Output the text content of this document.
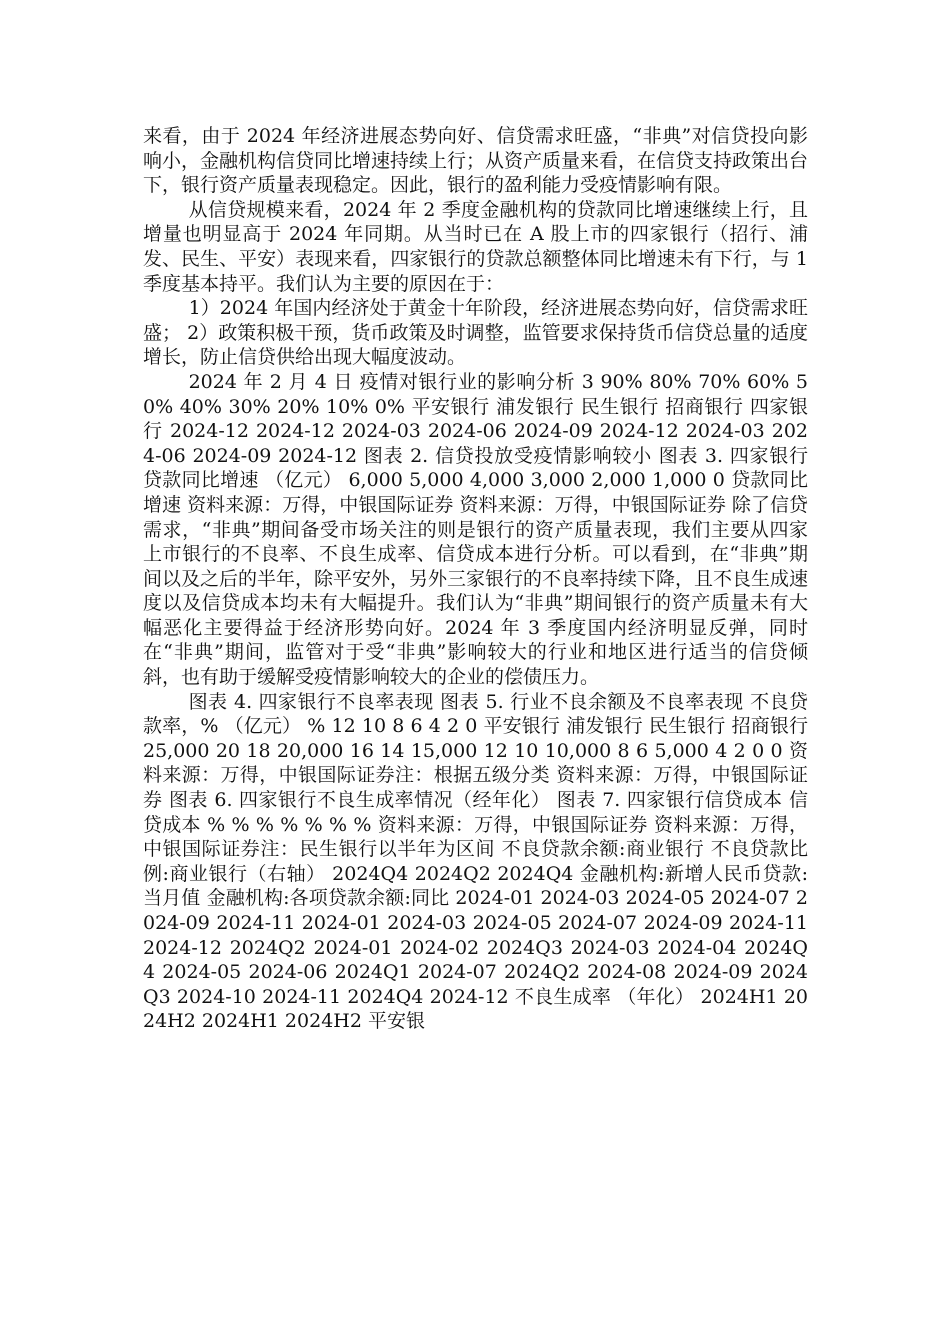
来看，由于 2024 年经济进展态势向好、信贷需求旺盛，“非典”对信贷投向影响小，金融机构信贷同比增速持续上行；从资产质量来看，在信贷支持政策出台下，银行资产质量表现稳定。因此，银行的盈利能力受疫情影响有限。

从信贷规模来看，2024 年 2 季度金融机构的贷款同比增速继续上行，且增量也明显高于 2024 年同期。从当时已在 A 股上市的四家银行（招行、浦发、民生、平安）表现来看，四家银行的贷款总额整体同比增速未有下行，与 1 季度基本持平。我们认为主要的原因在于：

1）2024 年国内经济处于黄金十年阶段，经济进展态势向好，信贷需求旺盛； 2）政策积极干预，货币政策及时调整，监管要求保持货币信贷总量的适度增长，防止信贷供给出现大幅度波动。

2024 年 2 月 4 日 疫情对银行业的影响分析 3 90% 80% 70% 60% 50% 40% 30% 20% 10% 0% 平安银行 浦发银行 民生银行 招商银行 四家银行 2024-12 2024-12 2024-03 2024-06 2024-09 2024-12 2024-03 2024-06 2024-09 2024-12 图表 2. 信贷投放受疫情影响较小 图表 3. 四家银行贷款同比增速 （亿元） 6,000 5,000 4,000 3,000 2,000 1,000 0 贷款同比增速 资料来源：万得，中银国际证券 资料来源：万得，中银国际证券 除了信贷需求，“非典”期间备受市场关注的则是银行的资产质量表现，我们主要从四家上市银行的不良率、不良生成率、信贷成本进行分析。可以看到，在“非典”期间以及之后的半年，除平安外，另外三家银行的不良率持续下降，且不良生成速度以及信贷成本均未有大幅提升。我们认为“非典”期间银行的资产质量未有大幅恶化主要得益于经济形势向好。2024 年 3 季度国内经济明显反弹，同时在“非典”期间，监管对于受“非典”影响较大的行业和地区进行适当的信贷倾斜，也有助于缓解受疫情影响较大的企业的偿债压力。

图表 4. 四家银行不良率表现 图表 5. 行业不良余额及不良率表现 不良贷款率，% （亿元） % 12 10 8 6 4 2 0 平安银行 浦发银行 民生银行 招商银行 25,000 20 18 20,000 16 14 15,000 12 10 10,000 8 6 5,000 4 2 0 0 资料来源：万得，中银国际证券注：根据五级分类 资料来源：万得，中银国际证券 图表 6. 四家银行不良生成率情况（经年化） 图表 7. 四家银行信贷成本 信贷成本 % % % % % % % 资料来源：万得，中银国际证券 资料来源：万得，中银国际证券注：民生银行以半年为区间 不良贷款余额:商业银行 不良贷款比例:商业银行（右轴） 2024Q4 2024Q2 2024Q4 金融机构:新增人民币贷款:当月值 金融机构:各项贷款余额:同比 2024-01 2024-03 2024-05 2024-07 2024-09 2024-11 2024-01 2024-03 2024-05 2024-07 2024-09 2024-11 2024-12 2024Q2 2024-01 2024-02 2024Q3 2024-03 2024-04 2024Q4 2024-05 2024-06 2024Q1 2024-07 2024Q2 2024-08 2024-09 2024Q3 2024-10 2024-11 2024Q4 2024-12 不良生成率 （年化） 2024H1 2024H2 2024H1 2024H2 平安银
